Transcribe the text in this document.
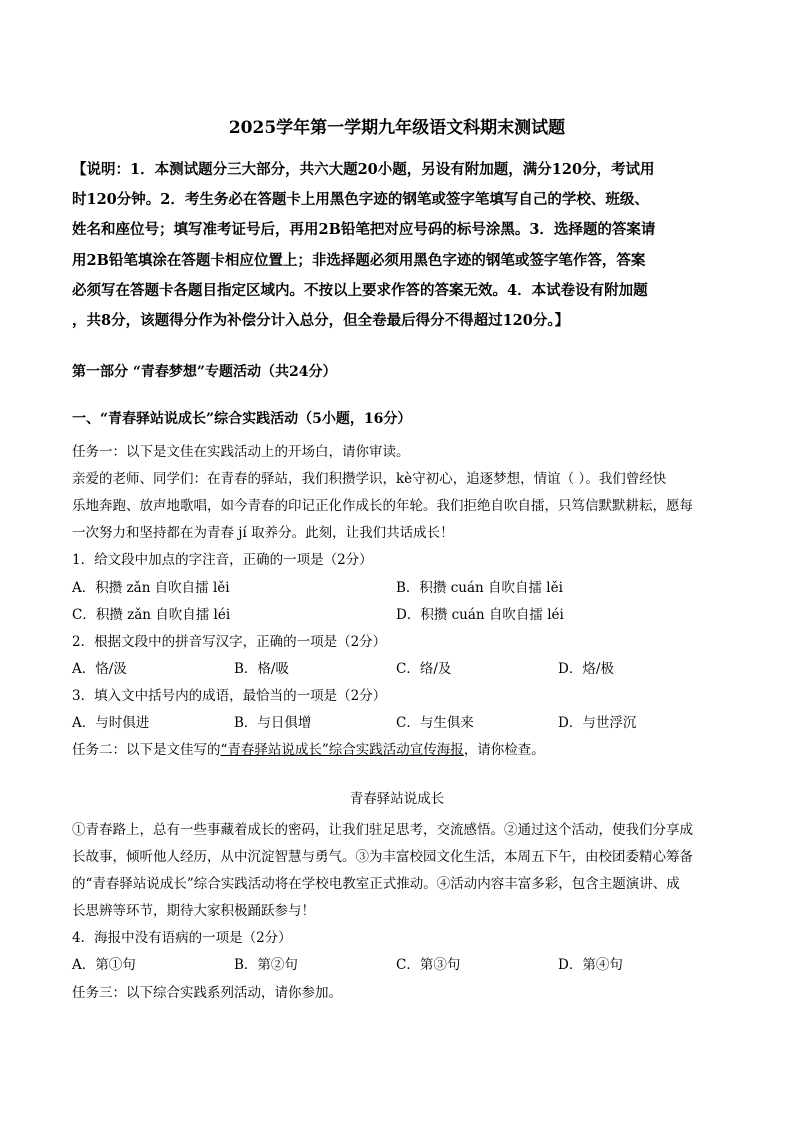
2025学年第一学期九年级语文科期末测试题
【说明：1．本测试题分三大部分，共六大题20小题，另设有附加题，满分120分，考试用
时120分钟。2．考生务必在答题卡上用黑色字迹的钢笔或签字笔填写自己的学校、班级、
姓名和座位号；填写准考证号后，再用2B铅笔把对应号码的标号涂黑。3．选择题的答案请
用2B铅笔填涂在答题卡相应位置上；非选择题必须用黑色字迹的钢笔或签字笔作答，答案
必须写在答题卡各题目指定区域内。不按以上要求作答的答案无效。4．本试卷设有附加题
，共8分，该题得分作为补偿分计入总分，但全卷最后得分不得超过120分。】
第一部分 “青春梦想”专题活动（共24分）
一、“青春驿站说成长”综合实践活动（5小题，16分）
任务一：以下是文佳在实践活动上的开场白，请你审读。
亲爱的老师、同学们：在青春的驿站，我们积攒学识，kè守初心，追逐梦想，情谊（ ）。我们曾经快
乐地奔跑、放声地歌唱，如今青春的印记正化作成长的年轮。我们拒绝自吹自擂，只笃信默默耕耘，愿每
一次努力和坚持都在为青春 jí 取养分。此刻，让我们共话成长！
1．给文段中加点的字注音，正确的一项是（2分）
A．积攒 zǎn 自吹自擂 lěi	B．积攒 cuán 自吹自擂 lěi
C．积攒 zǎn 自吹自擂 léi	D．积攒 cuán 自吹自擂 léi
2．根据文段中的拼音写汉字，正确的一项是（2分）
A．恪/汲	B．格/吸	C．络/及	D．烙/极
3．填入文中括号内的成语，最恰当的一项是（2分）
A．与时俱进	B．与日俱增	C．与生俱来	D．与世浮沉
任务二：以下是文佳写的“青春驿站说成长”综合实践活动宣传海报，请你检查。
青春驿站说成长
①青春路上，总有一些事藏着成长的密码，让我们驻足思考，交流感悟。②通过这个活动，使我们分享成
长故事，倾听他人经历，从中沉淀智慧与勇气。③为丰富校园文化生活，本周五下午，由校团委精心筹备
的“青春驿站说成长”综合实践活动将在学校电教室正式推动。④活动内容丰富多彩，包含主题演讲、成
长思辨等环节，期待大家积极踊跃参与！
4．海报中没有语病的一项是（2分）
A．第①句	B．第②句	C．第③句	D．第④句
任务三：以下综合实践系列活动，请你参加。
